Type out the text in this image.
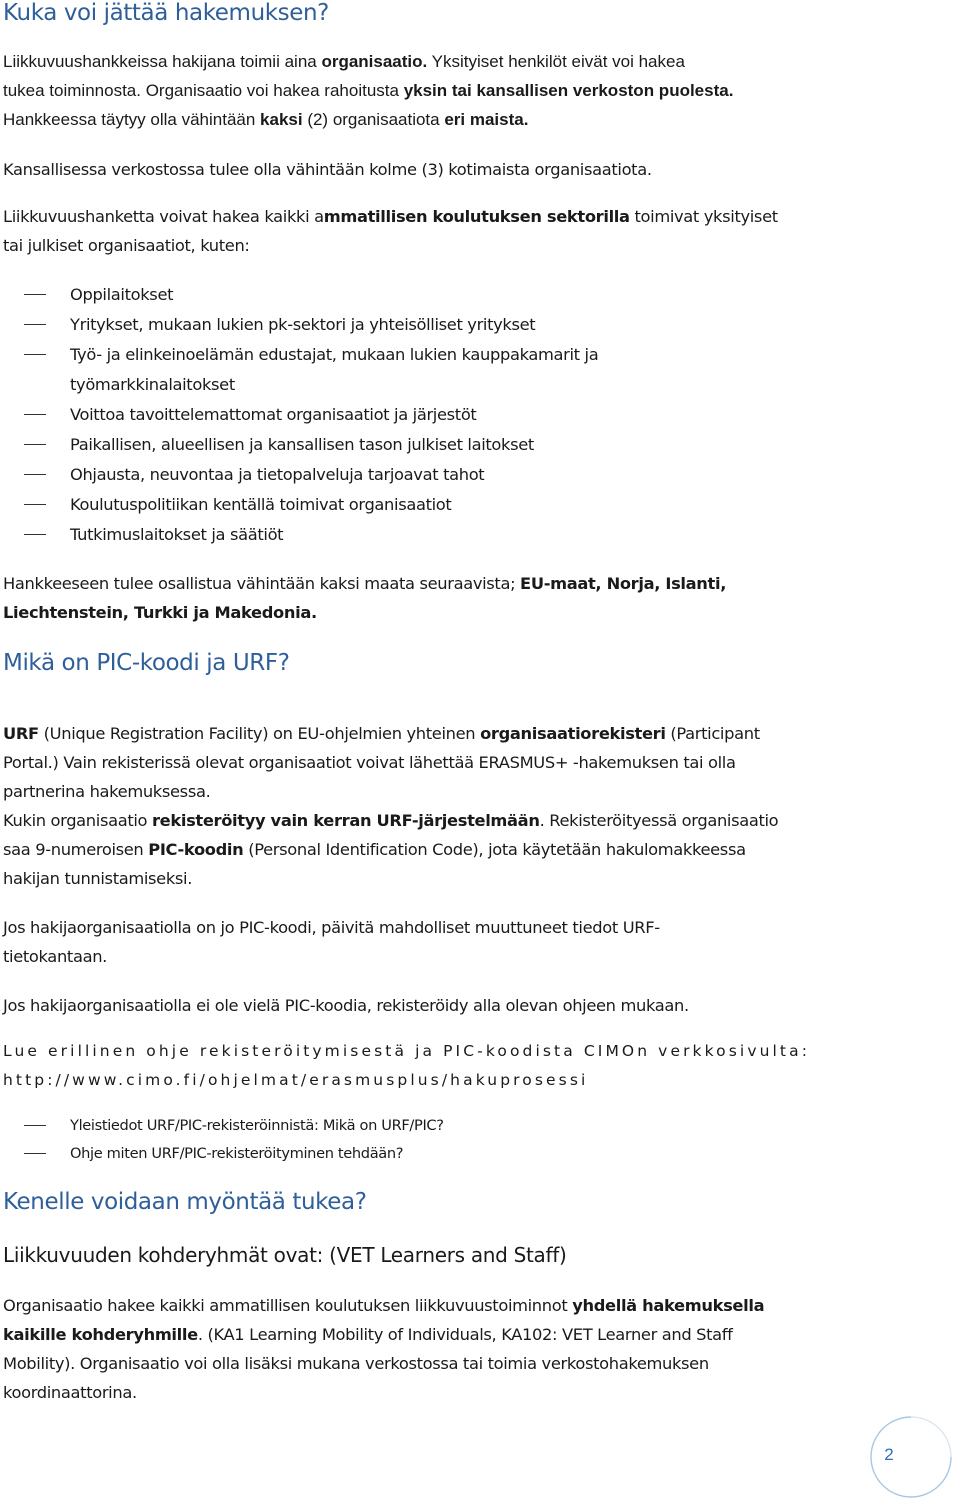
Kuka voi jättää hakemuksen?
Liikkuvuushankkeissa hakijana toimii aina organisaatio. Yksityiset henkilöt eivät voi hakea
tukea toiminnosta. Organisaatio voi hakea rahoitusta yksin tai kansallisen verkoston puolesta.
Hankkeessa täytyy olla vähintään kaksi (2) organisaatiota eri maista.
Kansallisessa verkostossa tulee olla vähintään kolme (3) kotimaista organisaatiota.
Liikkuvuushanketta voivat hakea kaikki ammatillisen koulutuksen sektorilla toimivat yksityiset
tai julkiset organisaatiot, kuten:
Oppilaitokset
Yritykset, mukaan lukien pk-sektori ja yhteisölliset yritykset
Työ- ja elinkeinoelämän edustajat, mukaan lukien kauppakamarit ja
työmarkkinalaitokset
Voittoa tavoittelemattomat organisaatiot ja järjestöt
Paikallisen, alueellisen ja kansallisen tason julkiset laitokset
Ohjausta, neuvontaa ja tietopalveluja tarjoavat tahot
Koulutuspolitiikan kentällä toimivat organisaatiot
Tutkimuslaitokset ja säätiöt
Hankkeeseen tulee osallistua vähintään kaksi maata seuraavista; EU-maat, Norja, Islanti,
Liechtenstein, Turkki ja Makedonia.
Mikä on PIC-koodi ja URF?
URF (Unique Registration Facility) on EU-ohjelmien yhteinen organisaatiorekisteri (Participant
Portal.) Vain rekisterissä olevat organisaatiot voivat lähettää ERASMUS+ -hakemuksen tai olla
partnerina hakemuksessa.
Kukin organisaatio rekisteröityy vain kerran URF-järjestelmään. Rekisteröityessä organisaatio
saa 9-numeroisen PIC-koodin (Personal Identification Code), jota käytetään hakulomakkeessa
hakijan tunnistamiseksi.
Jos hakijaorganisaatiolla on jo PIC-koodi, päivitä mahdolliset muuttuneet tiedot URF-
tietokantaan.
Jos hakijaorganisaatiolla ei ole vielä PIC-koodia, rekisteröidy alla olevan ohjeen mukaan.
Lue erillinen ohje rekisteröitymisestä ja PIC-koodista CIMOn verkkosivulta:
http://www.cimo.fi/ohjelmat/erasmusplus/hakuprosessi
Yleistiedot URF/PIC-rekisteröinnistä: Mikä on URF/PIC?
Ohje miten URF/PIC-rekisteröityminen tehdään?
Kenelle voidaan myöntää tukea?
Liikkuvuuden kohderyhmät ovat: (VET Learners and Staff)
Organisaatio hakee kaikki ammatillisen koulutuksen liikkuvuustoiminnot yhdellä hakemuksella
kaikille kohderyhmille. (KA1 Learning Mobility of Individuals, KA102: VET Learner and Staff
Mobility). Organisaatio voi olla lisäksi mukana verkostossa tai toimia verkostohakemuksen
koordinaattorina.
2
